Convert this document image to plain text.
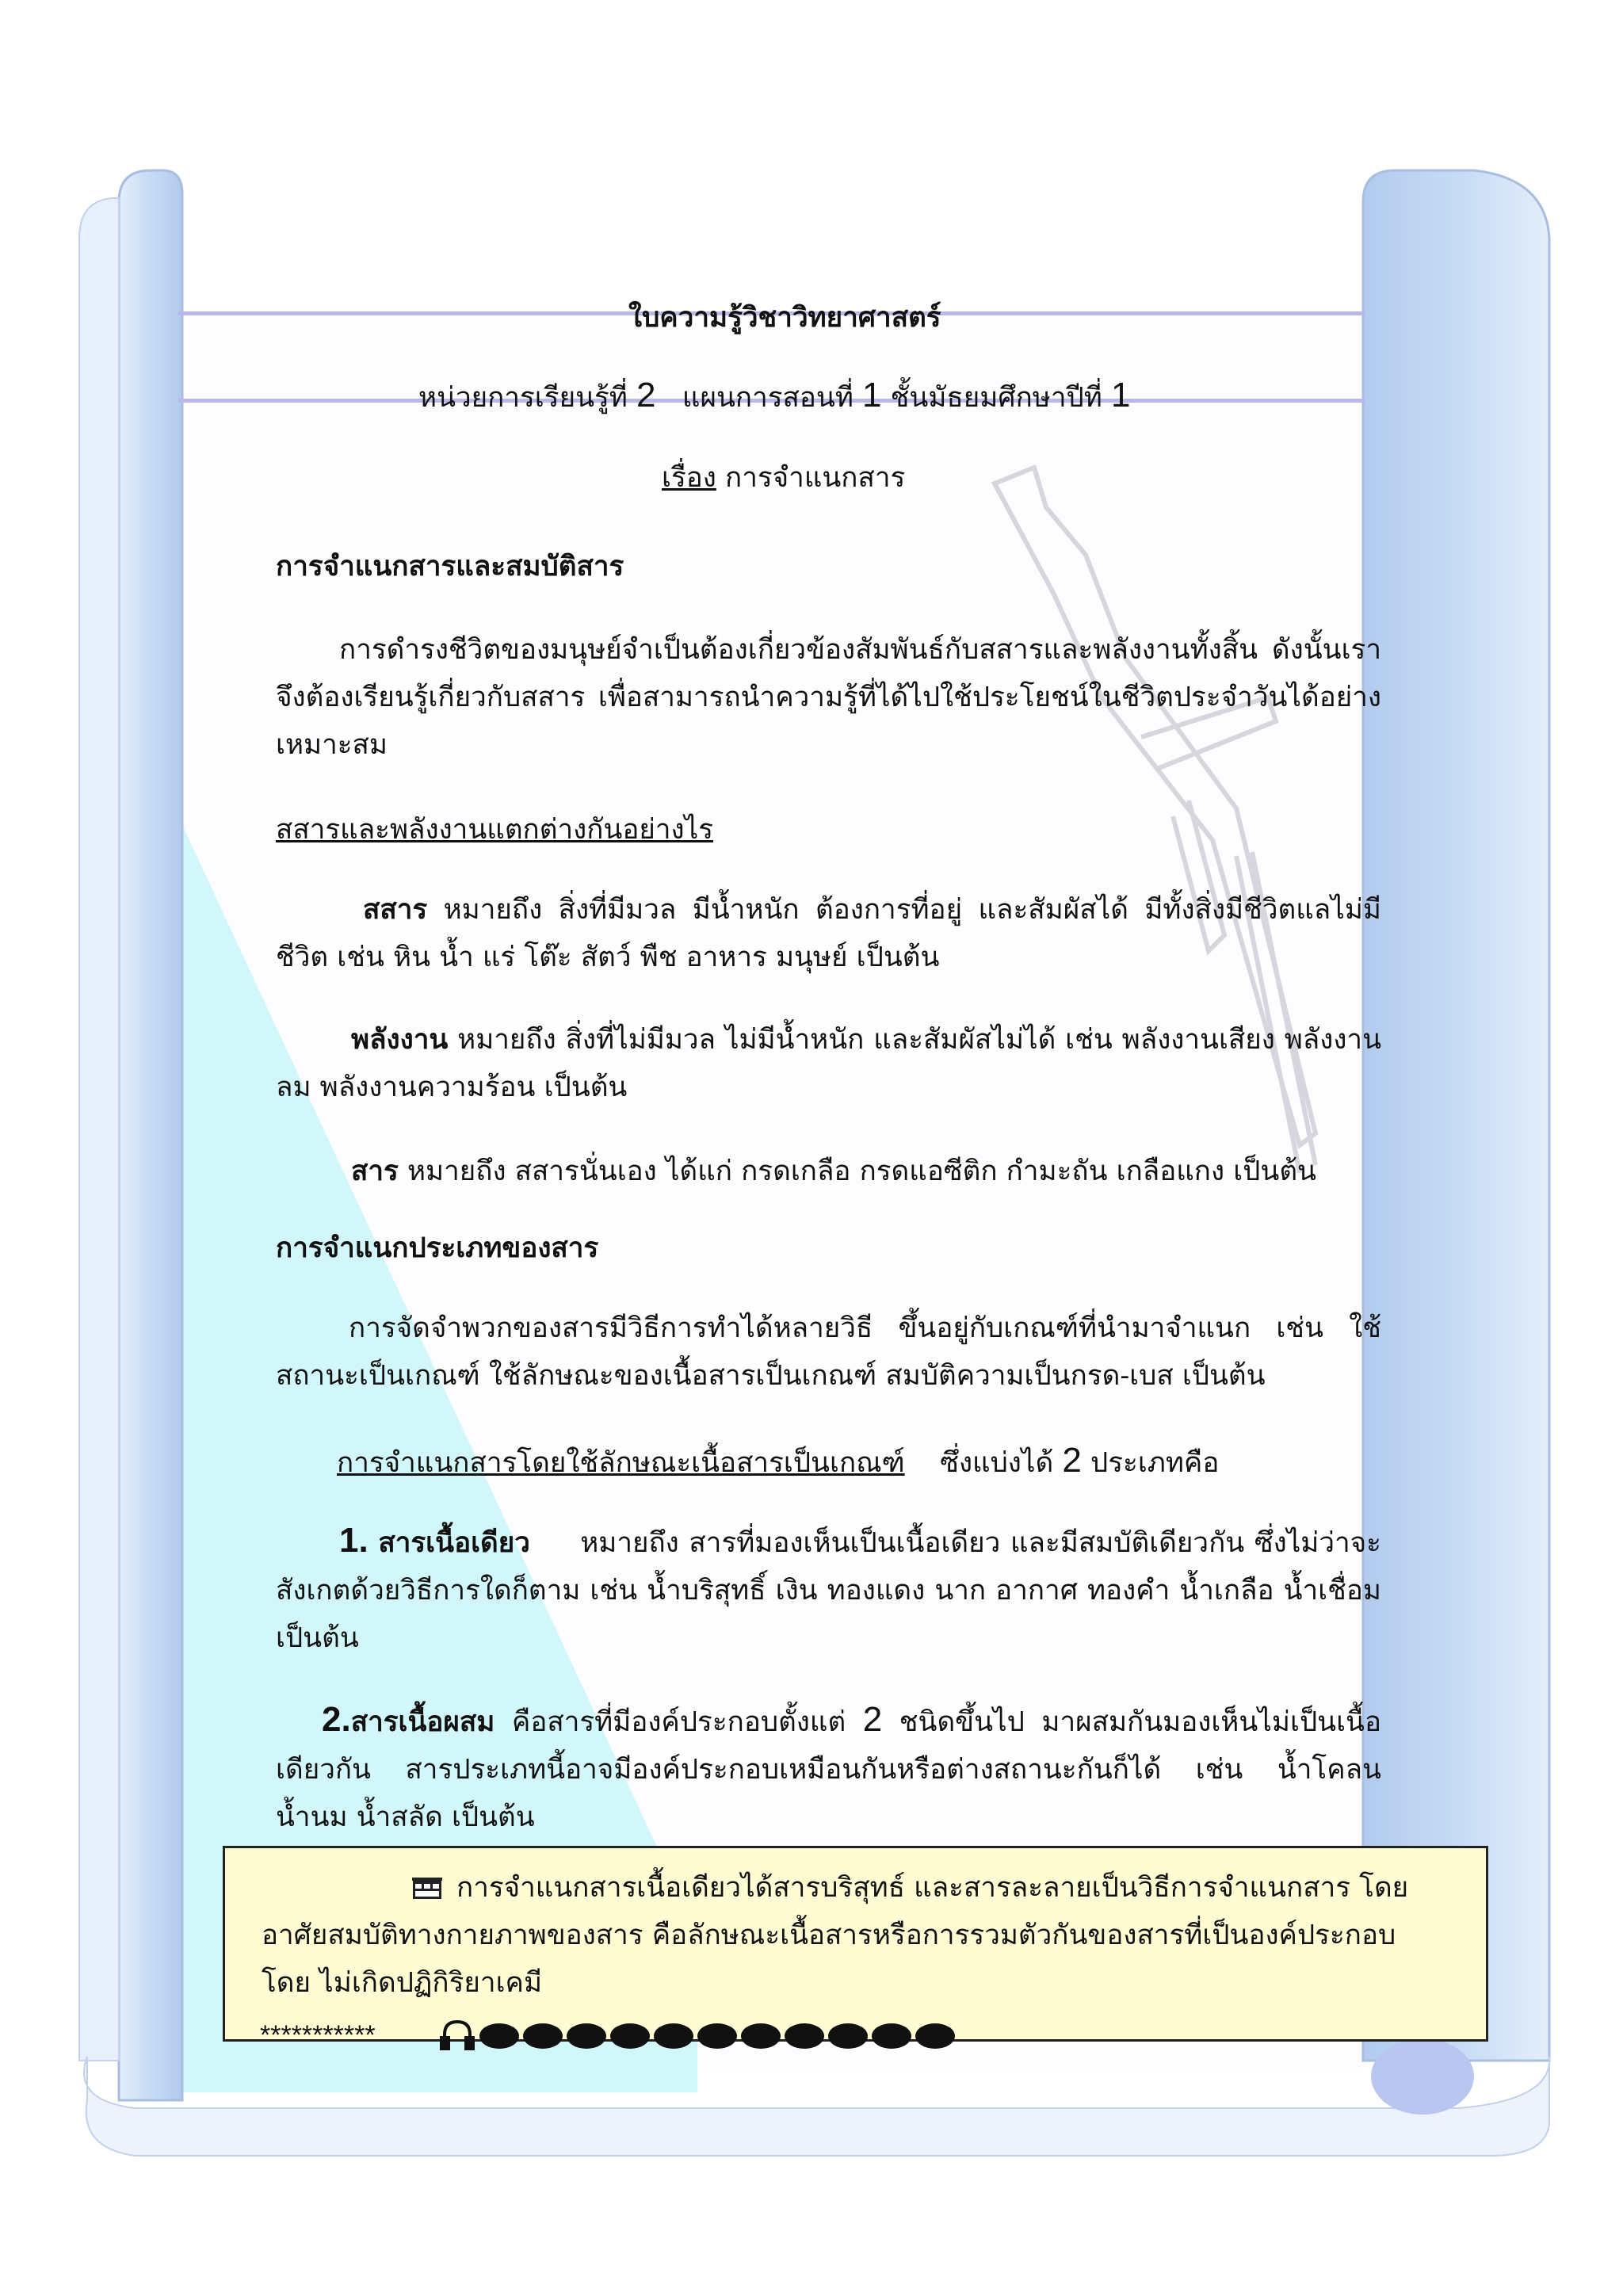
ใบความรู้วิชาวิทยาศาสตร์
หน่วยการเรียนรู้ที่ 2 แผนการสอนที่ 1 ชั้นมัธยมศึกษาปีที่ 1
เรื่อง การจำแนกสาร
การจำแนกสารและสมบัติสาร

การดำรงชีวิตของมนุษย์จำเป็นต้องเกี่ยวข้องสัมพันธ์กับสสารและพลังงานทั้งสิ้น ดังนั้นเราจึงต้องเรียนรู้เกี่ยวกับสสาร เพื่อสามารถนำความรู้ที่ได้ไปใช้ประโยชน์ในชีวิตประจำวันได้อย่างเหมาะสม

สสารและพลังงานแตกต่างกันอย่างไร

สสาร หมายถึง สิ่งที่มีมวล มีน้ำหนัก ต้องการที่อยู่ และสัมผัสได้ มีทั้งสิ่งมีชีวิตแลไม่มีชีวิต เช่น หิน น้ำ แร่ โต๊ะ สัตว์ พืช อาหาร มนุษย์ เป็นต้น

พลังงาน หมายถึง สิ่งที่ไม่มีมวล ไม่มีน้ำหนัก และสัมผัสไม่ได้ เช่น พลังงานเสียง พลังงานลม พลังงานความร้อน เป็นต้น

สาร หมายถึง สสารนั่นเอง ได้แก่ กรดเกลือ กรดแอซีติก กำมะถัน เกลือแกง เป็นต้น

การจำแนกประเภทของสาร

การจัดจำพวกของสารมีวิธีการทำได้หลายวิธี ขึ้นอยู่กับเกณฑ์ที่นำมาจำแนก เช่น ใช้สถานะเป็นเกณฑ์ ใช้ลักษณะของเนื้อสารเป็นเกณฑ์ สมบัติความเป็นกรด-เบส เป็นต้น

การจำแนกสารโดยใช้ลักษณะเนื้อสารเป็นเกณฑ์ ซึ่งแบ่งได้ 2 ประเภทคือ

1. สารเนื้อเดียว หมายถึง สารที่มองเห็นเป็นเนื้อเดียว และมีสมบัติเดียวกัน ซึ่งไม่ว่าจะสังเกตด้วยวิธีการใดก็ตาม เช่น น้ำบริสุทธิ์ เงิน ทองแดง นาก อากาศ ทองคำ น้ำเกลือ น้ำเชื่อมเป็นต้น

2.สารเนื้อผสม คือสารที่มีองค์ประกอบตั้งแต่ 2 ชนิดขึ้นไป มาผสมกันมองเห็นไม่เป็นเนื้อเดียวกัน สารประเภทนี้อาจมีองค์ประกอบเหมือนกันหรือต่างสถานะกันก็ได้ เช่น น้ำโคลน น้ำนม น้ำสลัด เป็นต้น

การจำแนกสารเนื้อเดียวได้สารบริสุทธ์ และสารละลายเป็นวิธีการจำแนกสาร โดย
อาศัยสมบัติทางกายภาพของสาร คือลักษณะเนื้อสารหรือการรวมตัวกันของสารที่เป็นองค์ประกอบ
โดย ไม่เกิดปฏิกิริยาเคมี
***********
